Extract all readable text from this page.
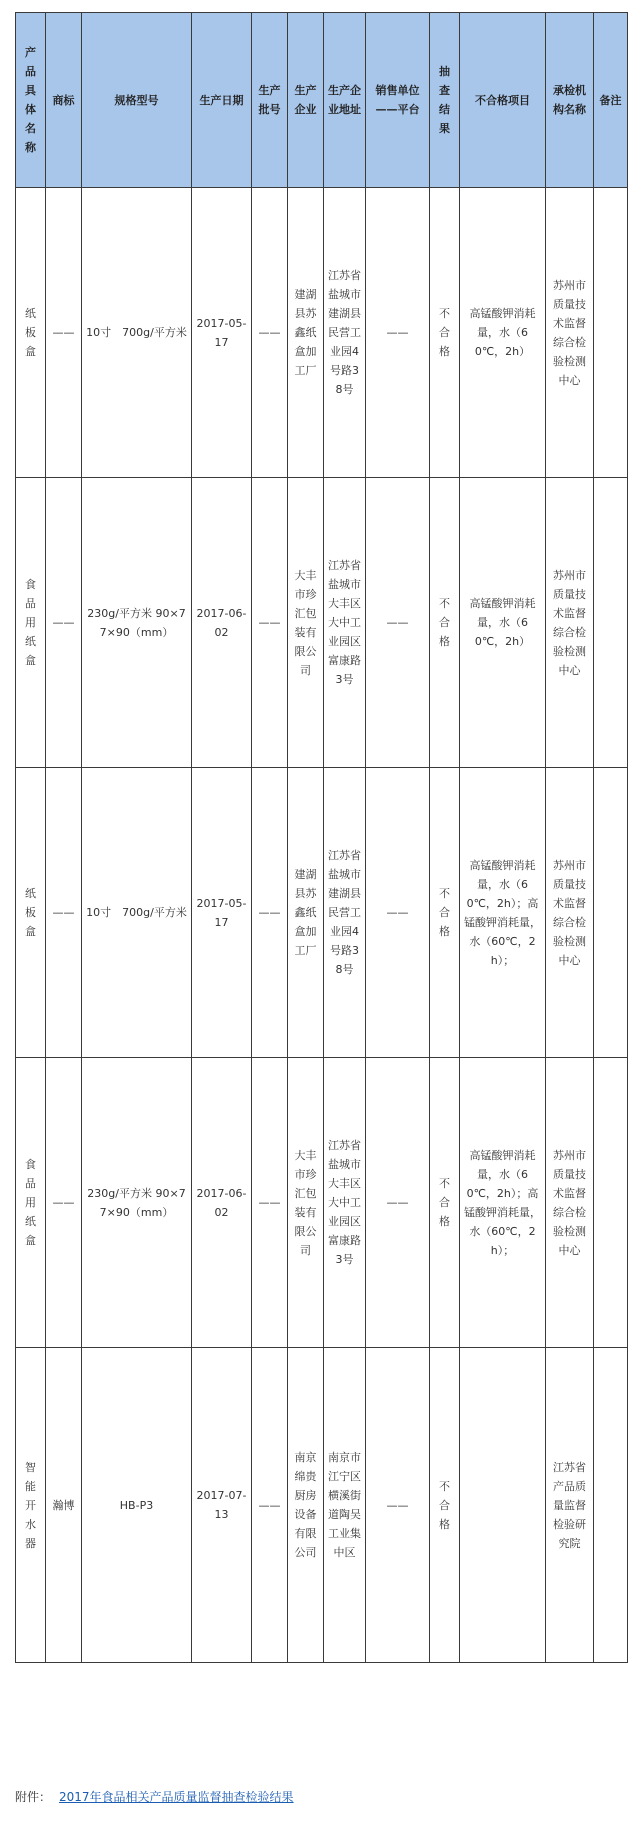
产品具体名称	商标	规格型号	生产日期	生产批号	生产企业	生产企业地址	销售单位——平台	抽查结果	不合格项目	承检机构名称	备注
纸板盒	——	10寸　700g/平方米	2017-05-17	——	建湖县苏鑫纸盒加工厂	江苏省盐城市建湖县民营工业园4号路38号	——	不合格	高锰酸钾消耗量，水（60℃，2h）	苏州市质量技术监督综合检验检测中心	
食品用纸盒	——	230g/平方米 90×77×90（mm）	2017-06-02	——	大丰市珍汇包装有限公司	江苏省盐城市大丰区大中工业园区富康路3号	——	不合格	高锰酸钾消耗量，水（60℃，2h）	苏州市质量技术监督综合检验检测中心	
纸板盒	——	10寸　700g/平方米	2017-05-17	——	建湖县苏鑫纸盒加工厂	江苏省盐城市建湖县民营工业园4号路38号	——	不合格	高锰酸钾消耗量，水（60℃，2h）；高锰酸钾消耗量，水（60℃，2h）；	苏州市质量技术监督综合检验检测中心	
食品用纸盒	——	230g/平方米 90×77×90（mm）	2017-06-02	——	大丰市珍汇包装有限公司	江苏省盐城市大丰区大中工业园区富康路3号	——	不合格	高锰酸钾消耗量，水（60℃，2h）；高锰酸钾消耗量，水（60℃，2h）；	苏州市质量技术监督综合检验检测中心	
智能开水器	瀚博	HB-P3	2017-07-13	——	南京绵贵厨房设备有限公司	南京市江宁区横溪街道陶吴工业集中区	——	不合格		江苏省产品质量监督检验研究院	
附件： 2017年食品相关产品质量监督抽查检验结果
